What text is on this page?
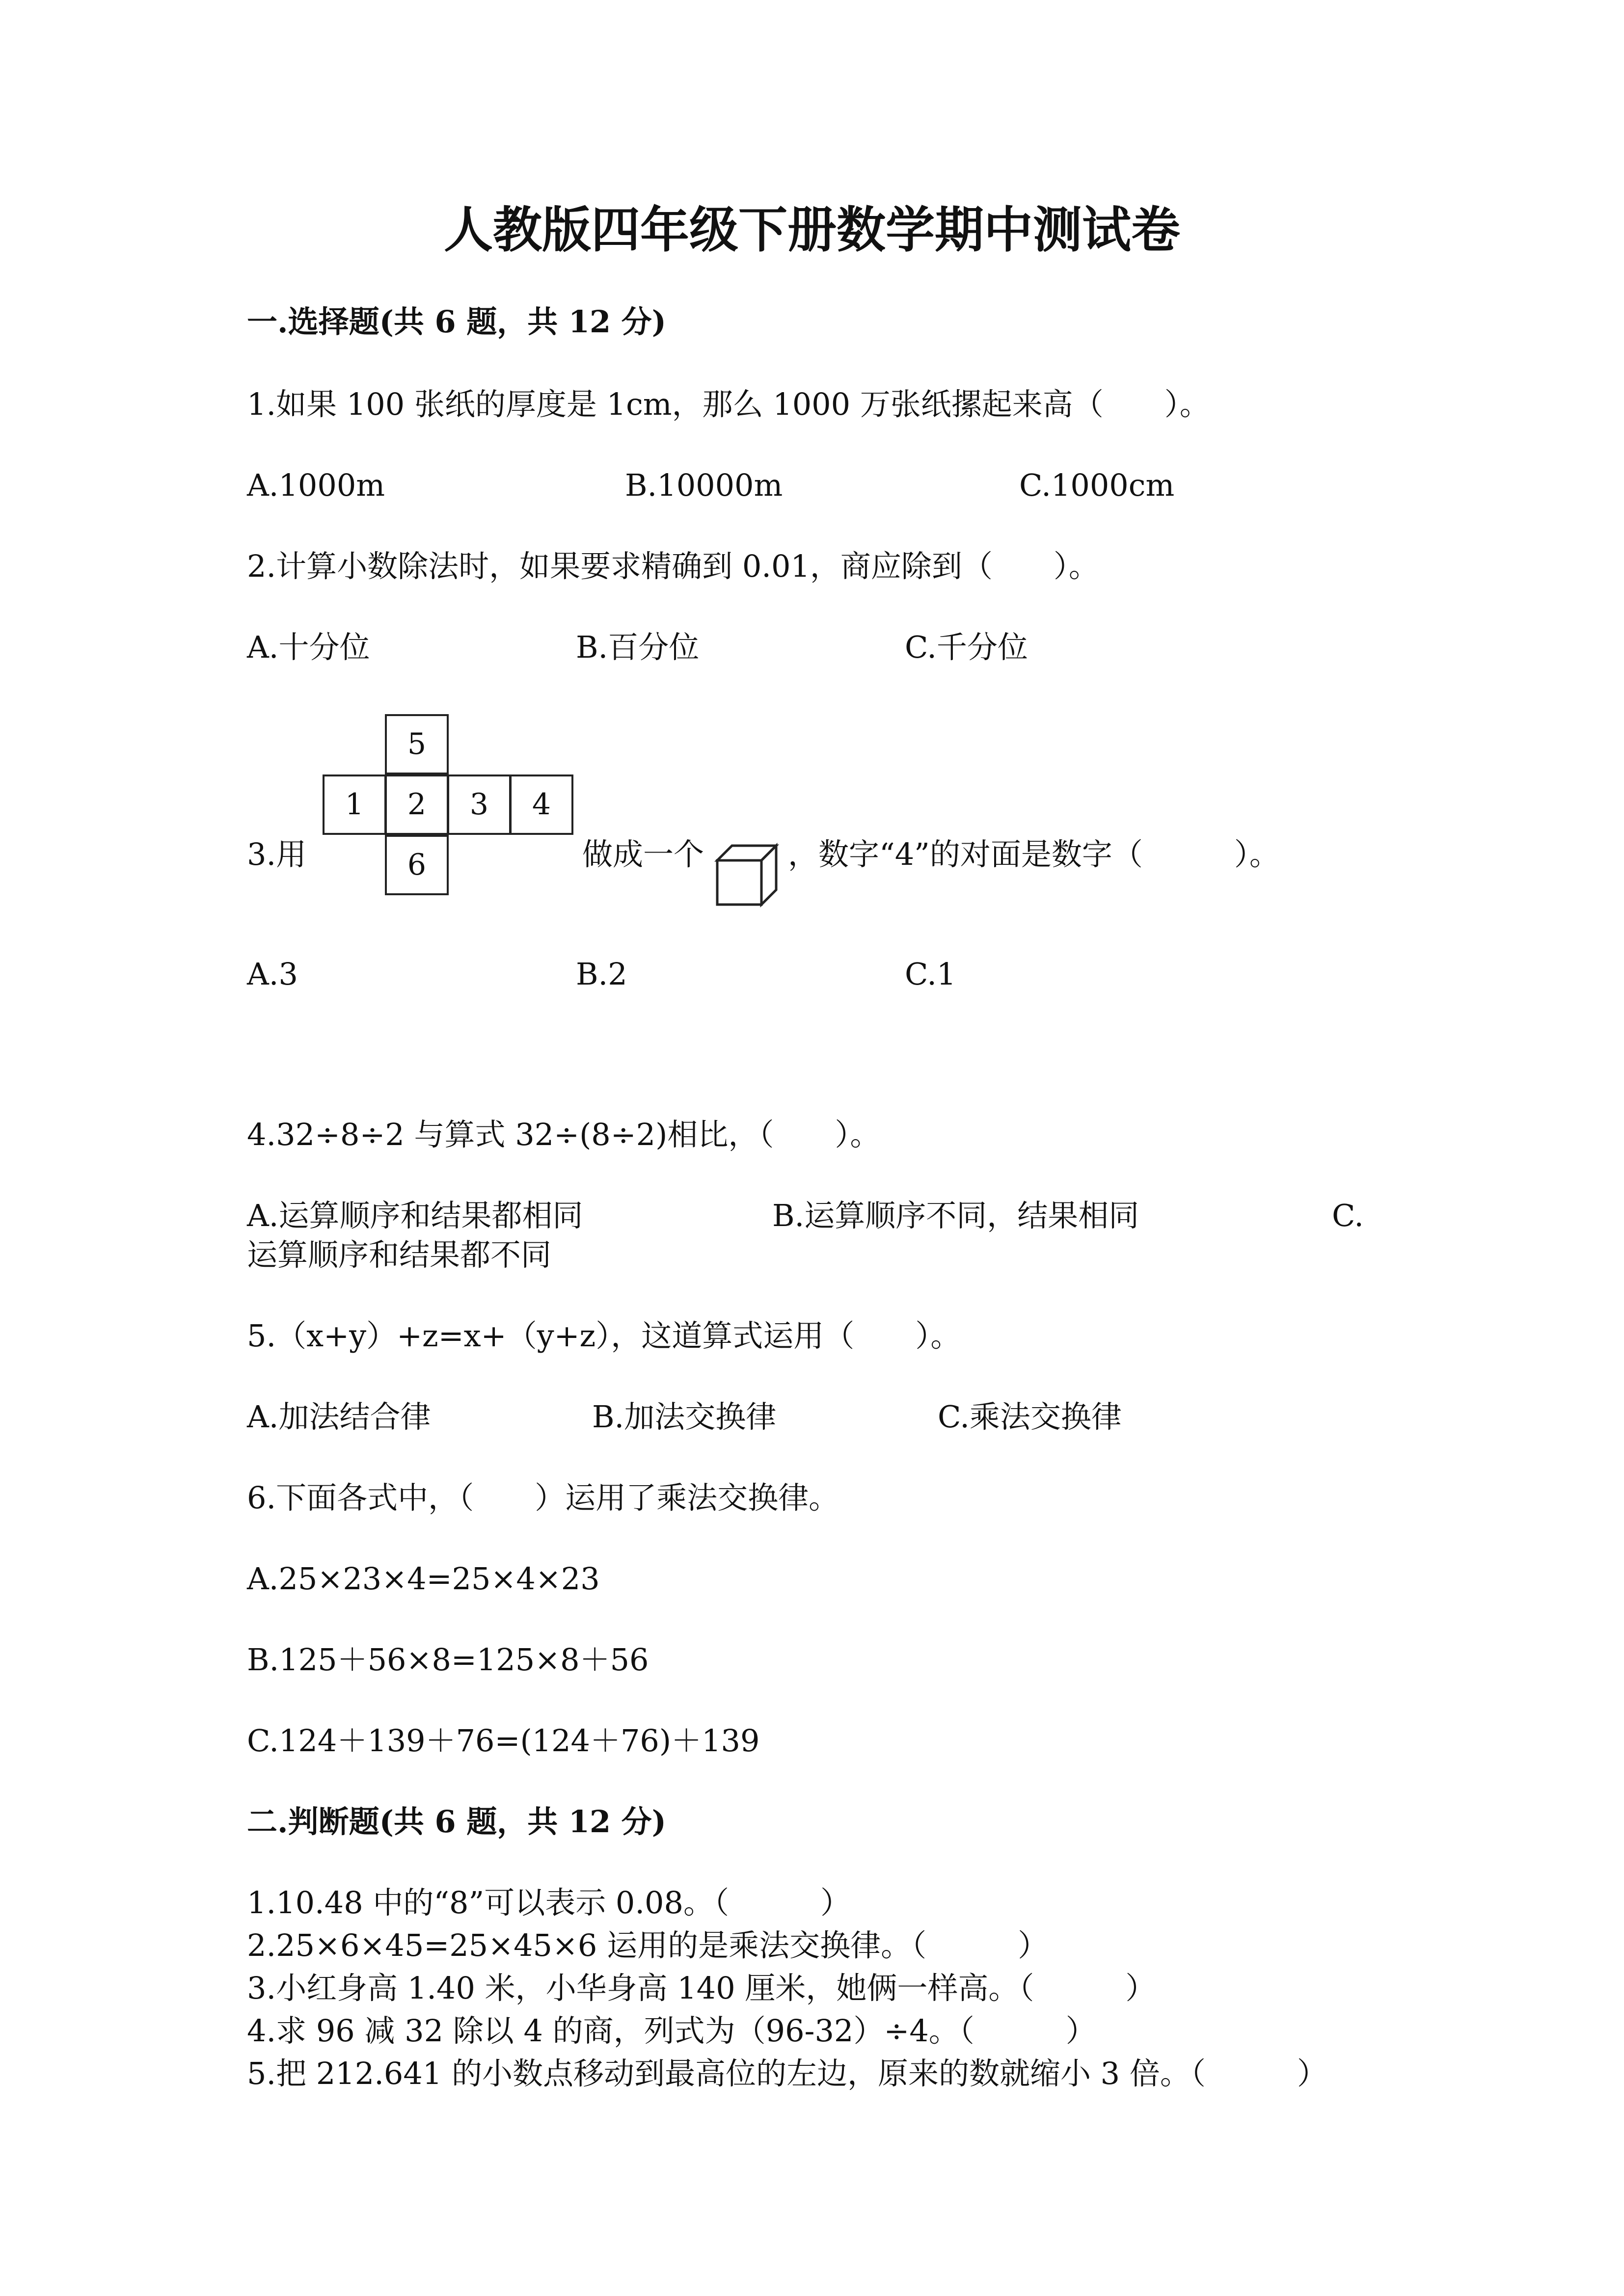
人教版四年级下册数学期中测试卷
一.选择题(共 6 题，共 12 分)
1.如果 100 张纸的厚度是 1cm，那么 1000 万张纸摞起来高（　　）。
A.1000m	B.10000m	C.1000cm
2.计算小数除法时，如果要求精确到 0.01，商应除到（　　）。
A.十分位	B.百分位	C.千分位
3.用
5
1	2	3	4
6	做成一个	，数字“4”的对面是数字（　　　）。
A.3	B.2	C.1
4.32÷8÷2 与算式 32÷(8÷2)相比，（　　）。
A.运算顺序和结果都相同	B.运算顺序不同，结果相同	C.
运算顺序和结果都不同
5.（x+y）+z=x+（y+z），这道算式运用（　　）。
A.加法结合律	B.加法交换律	C.乘法交换律
6.下面各式中，（　　）运用了乘法交换律。
A.25×23×4=25×4×23
B.125＋56×8=125×8＋56
C.124＋139＋76=(124＋76)＋139
二.判断题(共 6 题，共 12 分)
1.10.48 中的“8”可以表示 0.08。（　　　）
2.25×6×45=25×45×6 运用的是乘法交换律。（　　　）
3.小红身高 1.40 米，小华身高 140 厘米，她俩一样高。（　　　）
4.求 96 减 32 除以 4 的商，列式为（96-32）÷4。（　　　）
5.把 212.641 的小数点移动到最高位的左边，原来的数就缩小 3 倍。（　　　）
